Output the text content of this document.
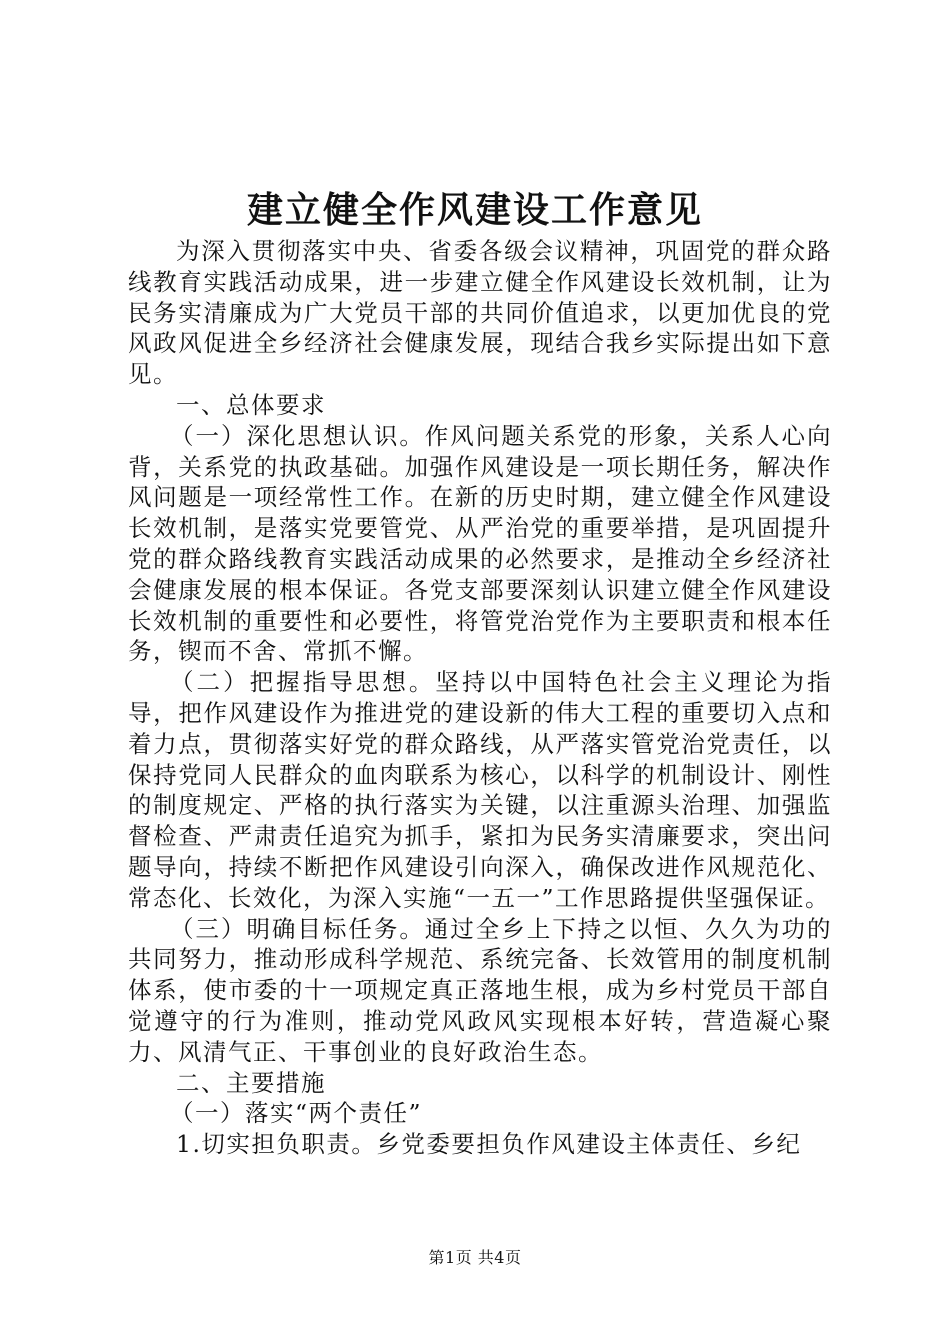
建立健全作风建设工作意见

为深入贯彻落实中央、省委各级会议精神，巩固党的群众路线教育实践活动成果，进一步建立健全作风建设长效机制，让为民务实清廉成为广大党员干部的共同价值追求，以更加优良的党风政风促进全乡经济社会健康发展，现结合我乡实际提出如下意见。

一、总体要求

（一）深化思想认识。作风问题关系党的形象，关系人心向背，关系党的执政基础。加强作风建设是一项长期任务，解决作风问题是一项经常性工作。在新的历史时期，建立健全作风建设长效机制，是落实党要管党、从严治党的重要举措，是巩固提升党的群众路线教育实践活动成果的必然要求，是推动全乡经济社会健康发展的根本保证。各党支部要深刻认识建立健全作风建设长效机制的重要性和必要性，将管党治党作为主要职责和根本任务，锲而不舍、常抓不懈。

（二）把握指导思想。坚持以中国特色社会主义理论为指导，把作风建设作为推进党的建设新的伟大工程的重要切入点和着力点，贯彻落实好党的群众路线，从严落实管党治党责任，以保持党同人民群众的血肉联系为核心，以科学的机制设计、刚性的制度规定、严格的执行落实为关键，以注重源头治理、加强监督检查、严肃责任追究为抓手，紧扣为民务实清廉要求，突出问题导向，持续不断把作风建设引向深入，确保改进作风规范化、常态化、长效化，为深入实施“一五一”工作思路提供坚强保证。

（三）明确目标任务。通过全乡上下持之以恒、久久为功的共同努力，推动形成科学规范、系统完备、长效管用的制度机制体系，使市委的十一项规定真正落地生根，成为乡村党员干部自觉遵守的行为准则，推动党风政风实现根本好转，营造凝心聚力、风清气正、干事创业的良好政治生态。

二、主要措施

（一）落实“两个责任”

1.切实担负职责。乡党委要担负作风建设主体责任、乡纪

第1页 共4页
